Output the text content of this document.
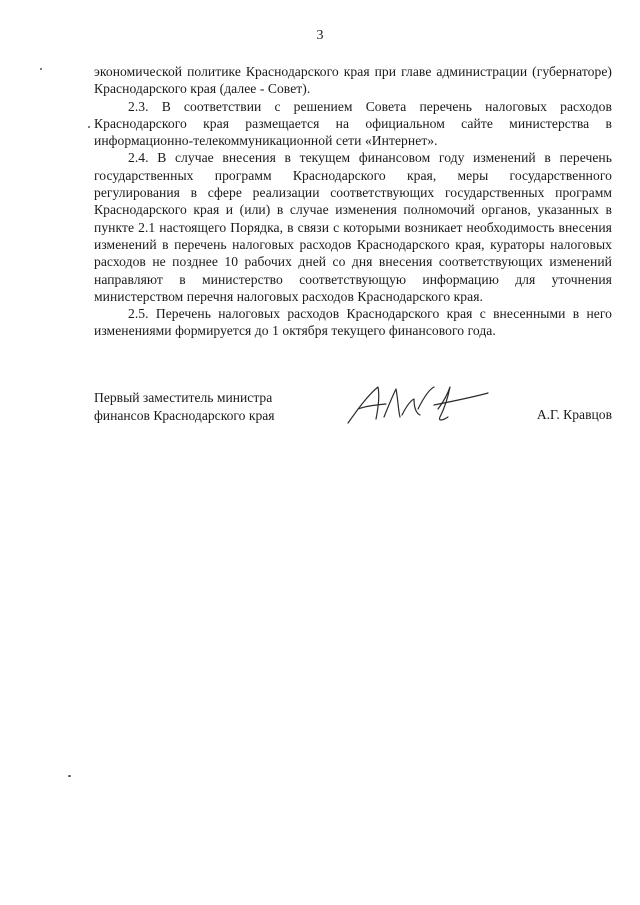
3

экономической политике Краснодарского края при главе администрации (губернаторе) Краснодарского края (далее - Совет).

2.3. В соответствии с решением Совета перечень налоговых расходов Краснодарского края размещается на официальном сайте министерства в информационно-телекоммуникационной сети «Интернет».

2.4. В случае внесения в текущем финансовом году изменений в перечень государственных программ Краснодарского края, меры государственного регулирования в сфере реализации соответствующих государственных программ Краснодарского края и (или) в случае изменения полномочий органов, указанных в пункте 2.1 настоящего Порядка, в связи с которыми возникает необходимость внесения изменений в перечень налоговых расходов Краснодарского края, кураторы налоговых расходов не позднее 10 рабочих дней со дня внесения соответствующих изменений направляют в министерство соответствующую информацию для уточнения министерством перечня налоговых расходов Краснодарского края.

2.5. Перечень налоговых расходов Краснодарского края с внесенными в него изменениями формируется до 1 октября текущего финансового года.

Первый заместитель министра
финансов Краснодарского края	А.Г. Кравцов
